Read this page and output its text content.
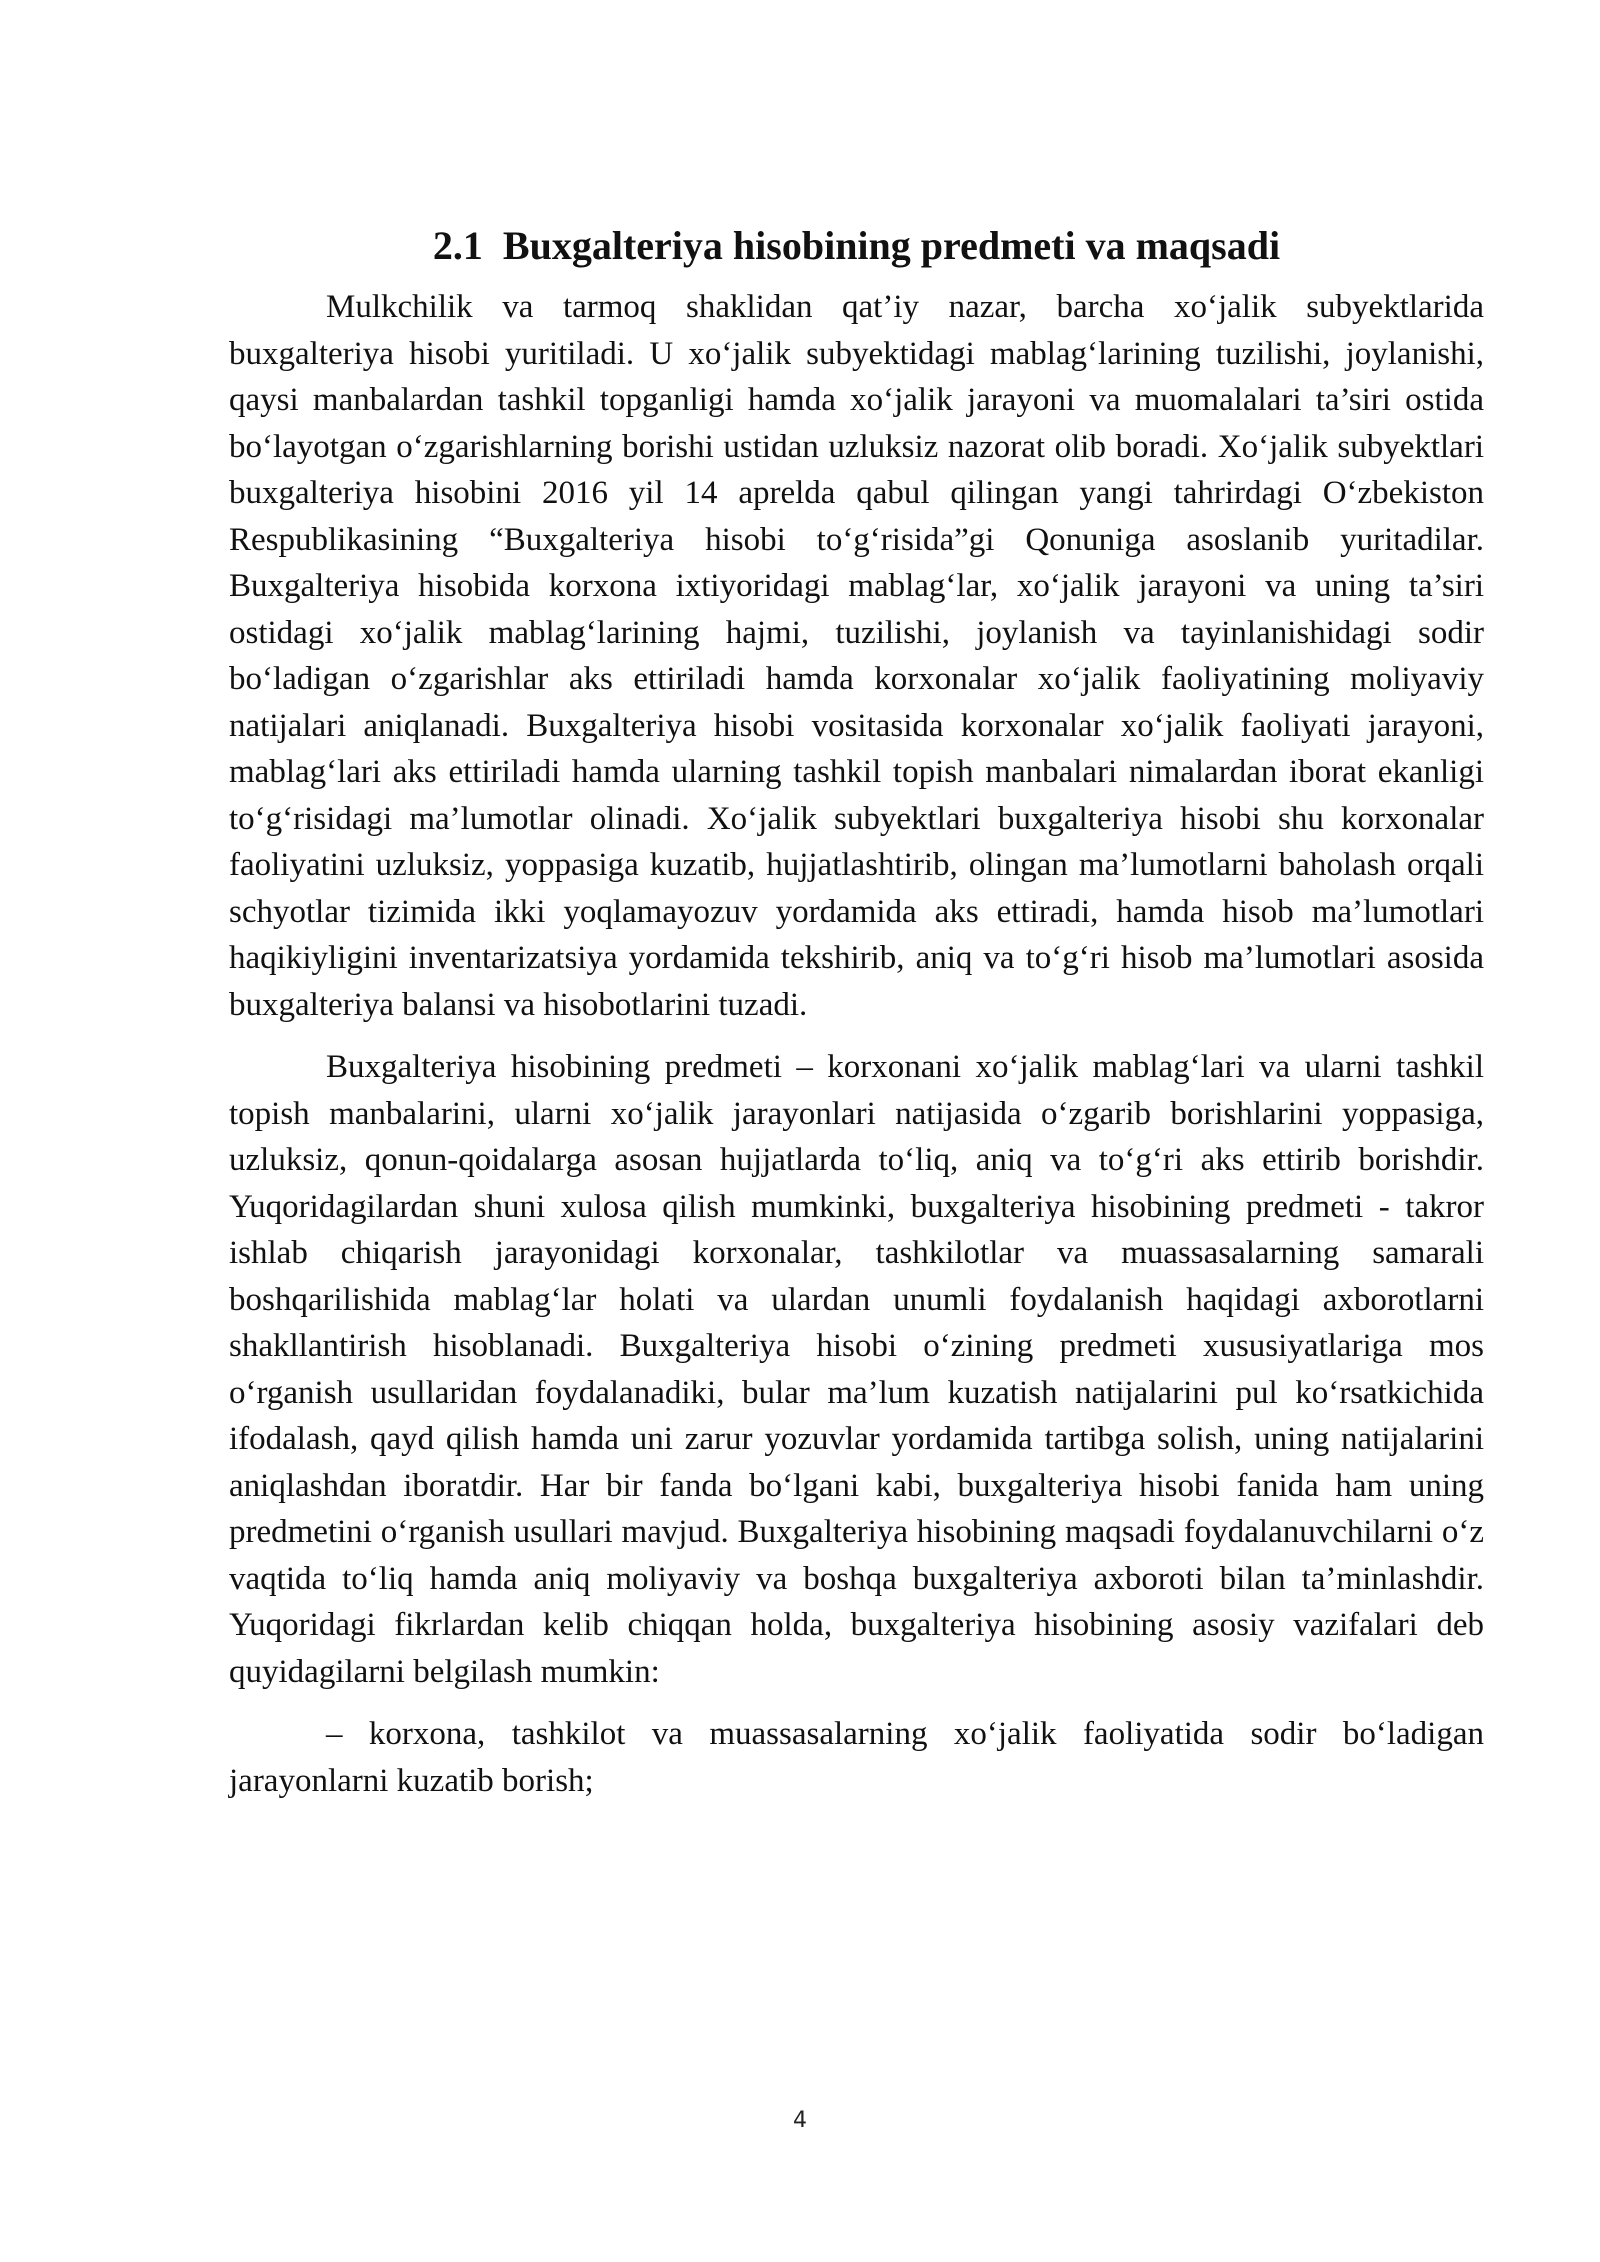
2.1 Buxgalteriya hisobining predmeti va maqsadi

Mulkchilik va tarmoq shaklidan qat’iy nazar, barcha xo‘jalik subyektlarida buxgalteriya hisobi yuritiladi. U xo‘jalik subyektidagi mablag‘larining tuzilishi, joylanishi, qaysi manbalardan tashkil topganligi hamda xo‘jalik jarayoni va muomalalari ta’siri ostida bo‘layotgan o‘zgarishlarning borishi ustidan uzluksiz nazorat olib boradi. Xo‘jalik subyektlari buxgalteriya hisobini 2016 yil 14 aprelda qabul qilingan yangi tahrirdagi O‘zbekiston Respublikasining “Buxgalteriya hisobi to‘g‘risida”gi Qonuniga asoslanib yuritadilar. Buxgalteriya hisobida korxona ixtiyoridagi mablag‘lar, xo‘jalik jarayoni va uning ta’siri ostidagi xo‘jalik mablag‘larining hajmi, tuzilishi, joylanish va tayinlanishidagi sodir bo‘ladigan o‘zgarishlar aks ettiriladi hamda korxonalar xo‘jalik faoliyatining moliyaviy natijalari aniqlanadi. Buxgalteriya hisobi vositasida korxonalar xo‘jalik faoliyati jarayoni, mablag‘lari aks ettiriladi hamda ularning tashkil topish manbalari nimalardan iborat ekanligi to‘g‘risidagi ma’lumotlar olinadi. Xo‘jalik subyektlari buxgalteriya hisobi shu korxonalar faoliyatini uzluksiz, yoppasiga kuzatib, hujjatlashtirib, olingan ma’lumotlarni baholash orqali schyotlar tizimida ikki yoqlamayozuv yordamida aks ettiradi, hamda hisob ma’lumotlari haqikiyligini inventarizatsiya yordamida tekshirib, aniq va to‘g‘ri hisob ma’lumotlari asosida buxgalteriya balansi va hisobotlarini tuzadi.

Buxgalteriya hisobining predmeti – korxonani xo‘jalik mablag‘lari va ularni tashkil topish manbalarini, ularni xo‘jalik jarayonlari natijasida o‘zgarib borishlarini yoppasiga, uzluksiz, qonun-qoidalarga asosan hujjatlarda to‘liq, aniq va to‘g‘ri aks ettirib borishdir. Yuqoridagilardan shuni xulosa qilish mumkinki, buxgalteriya hisobining predmeti - takror ishlab chiqarish jarayonidagi korxonalar, tashkilotlar va muassasalarning samarali boshqarilishida mablag‘lar holati va ulardan unumli foydalanish haqidagi axborotlarni shakllantirish hisoblanadi. Buxgalteriya hisobi o‘zining predmeti xususiyatlariga mos o‘rganish usullaridan foydalanadiki, bular ma’lum kuzatish natijalarini pul ko‘rsatkichida ifodalash, qayd qilish hamda uni zarur yozuvlar yordamida tartibga solish, uning natijalarini aniqlashdan iboratdir. Har bir fanda bo‘lgani kabi, buxgalteriya hisobi fanida ham uning predmetini o‘rganish usullari mavjud. Buxgalteriya hisobining maqsadi foydalanuvchilarni o‘z vaqtida to‘liq hamda aniq moliyaviy va boshqa buxgalteriya axboroti bilan ta’minlashdir. Yuqoridagi fikrlardan kelib chiqqan holda, buxgalteriya hisobining asosiy vazifalari deb quyidagilarni belgilash mumkin:

– korxona, tashkilot va muassasalarning xo‘jalik faoliyatida sodir bo‘ladigan jarayonlarni kuzatib borish;

4
